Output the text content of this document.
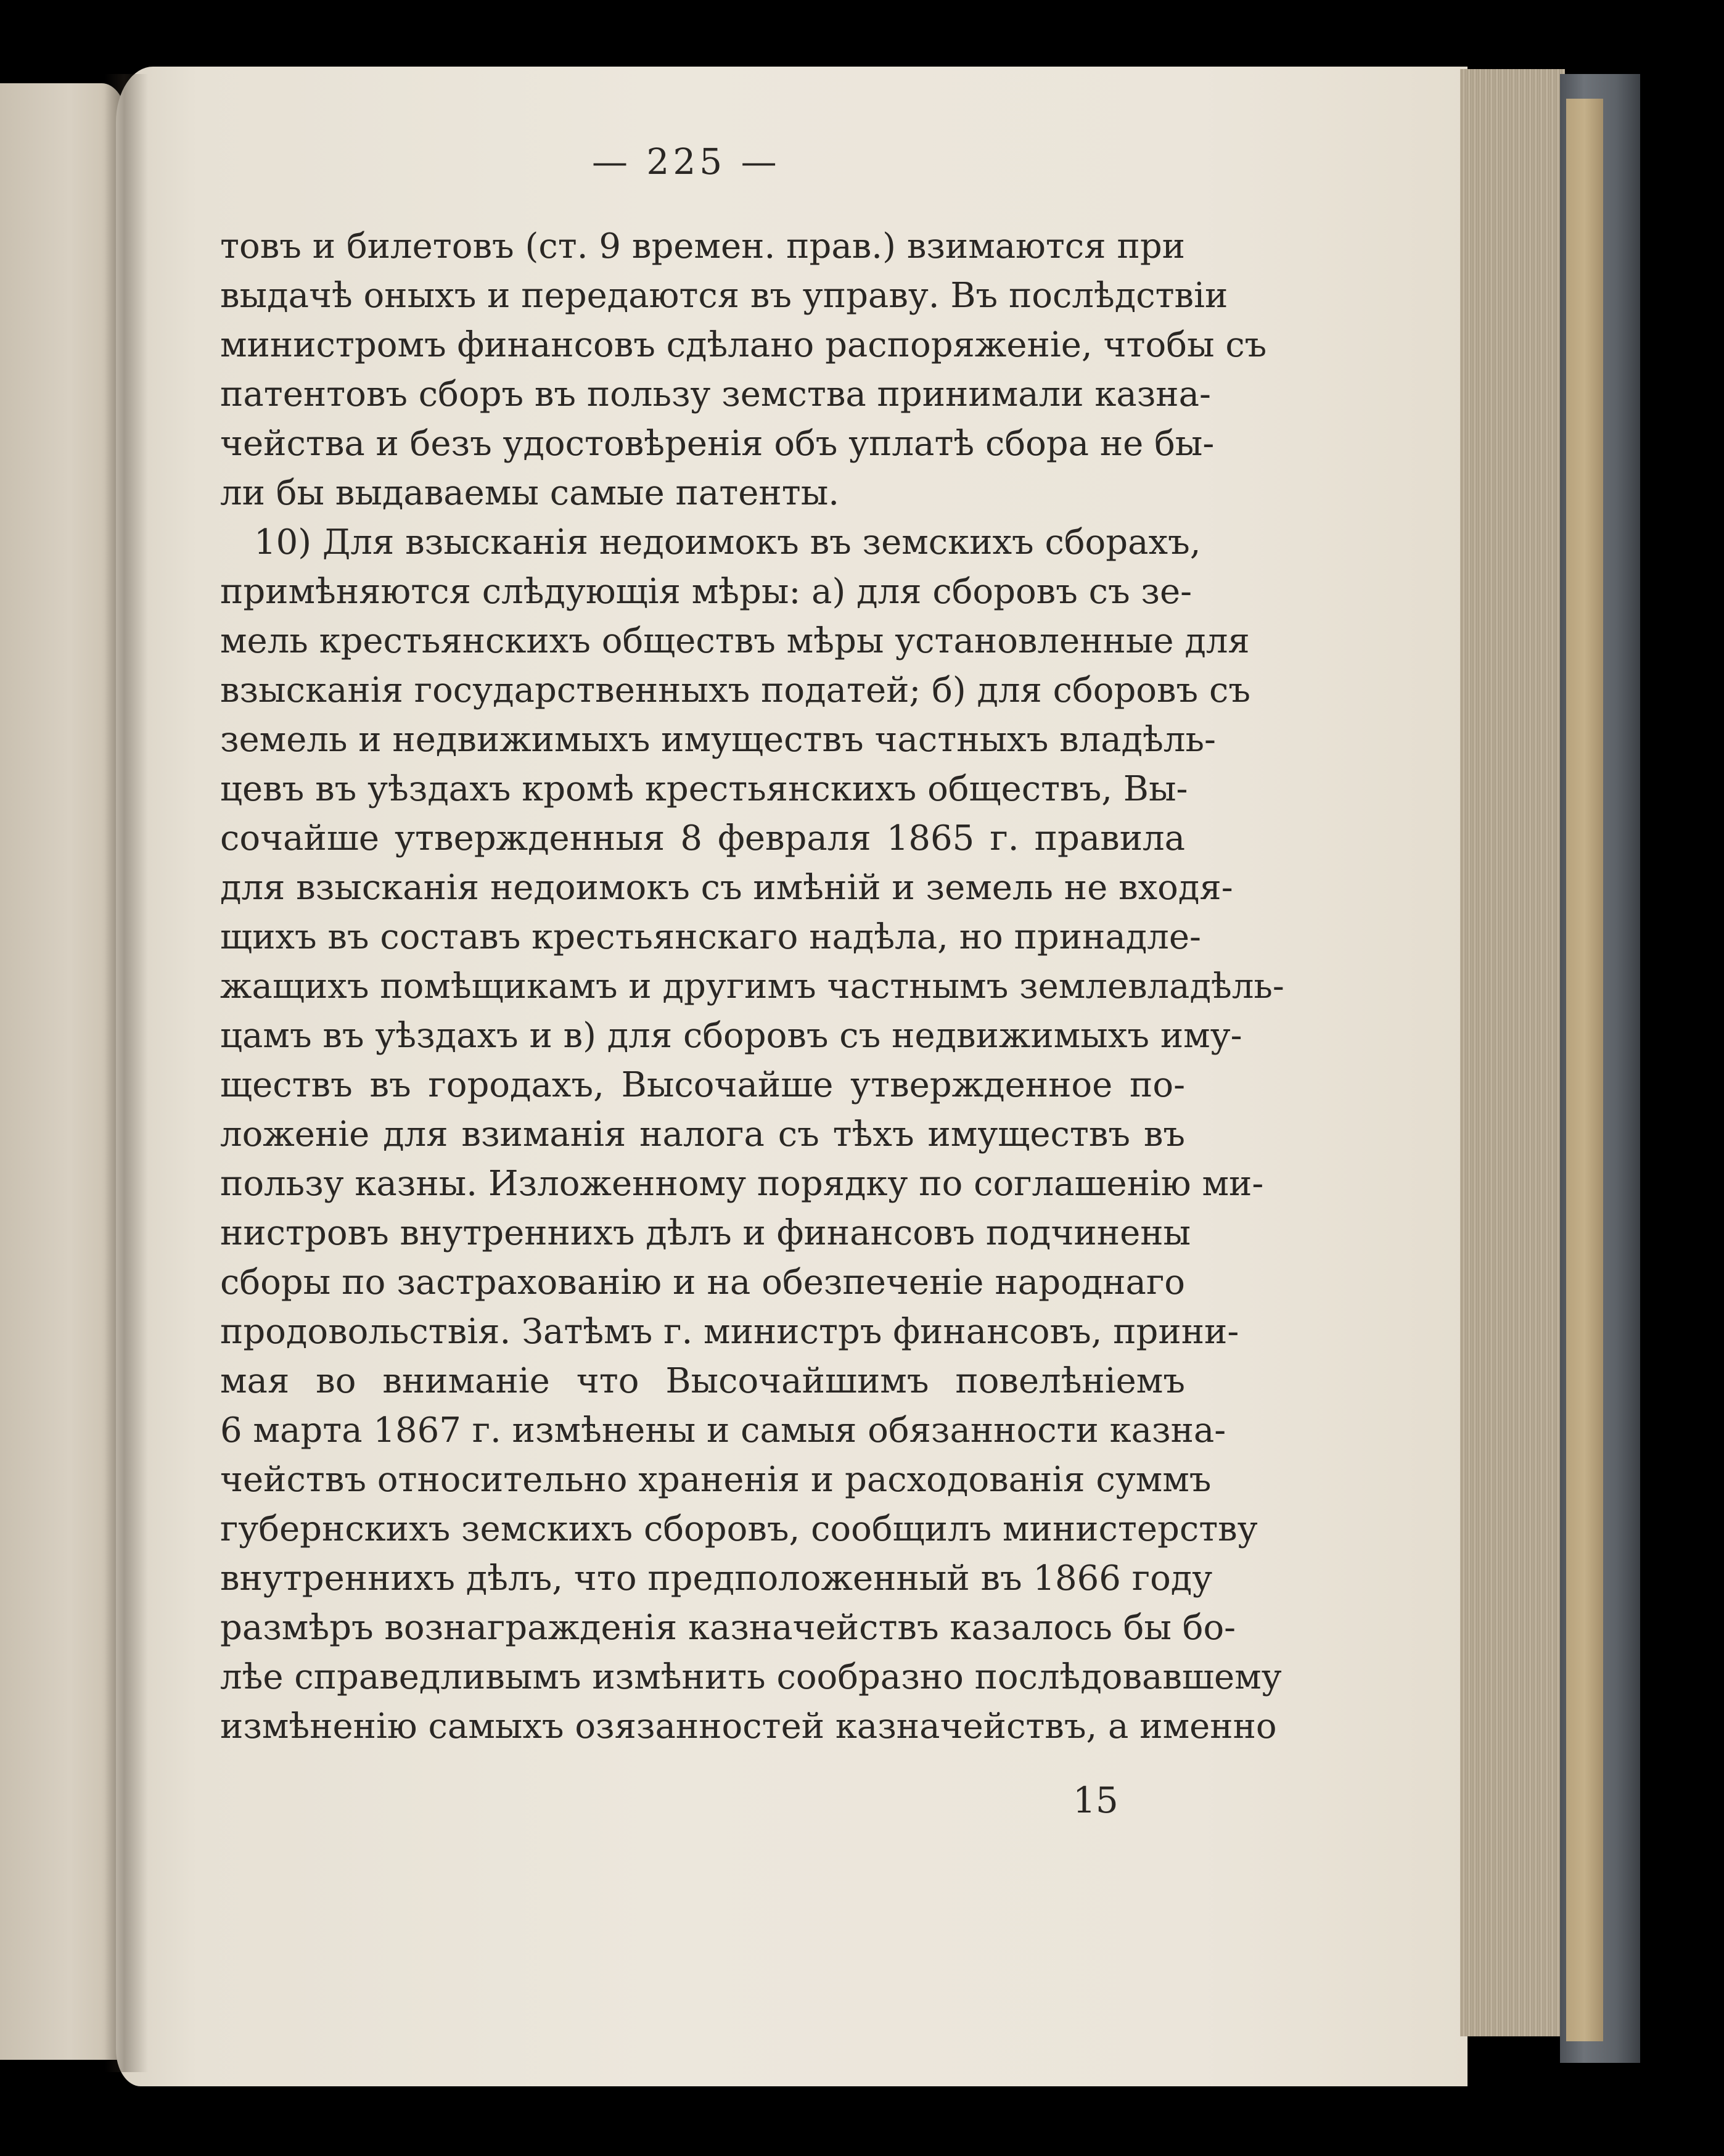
— 225 —
товъ и билетовъ (ст. 9 времен. прав.) взимаются при
выдачѣ оныхъ и передаются въ управу. Въ послѣдствіи
министромъ финансовъ сдѣлано распоряженіе, чтобы съ
патентовъ сборъ въ пользу земства принимали казна-
чейства и безъ удостовѣренія объ уплатѣ сбора не бы-
ли бы выдаваемы самые патенты.
10) Для взысканія недоимокъ въ земскихъ сборахъ,
примѣняются слѣдующія мѣры: а) для сборовъ съ зе-
мель крестьянскихъ обществъ мѣры установленные для
взысканія государственныхъ податей; б) для сборовъ съ
земель и недвижимыхъ имуществъ частныхъ владѣль-
цевъ въ уѣздахъ кромѣ крестьянскихъ обществъ, Вы-
сочайше утвержденныя 8 февраля 1865 г. правила
для взысканія недоимокъ съ имѣній и земель не входя-
щихъ въ составъ крестьянскаго надѣла, но принадле-
жащихъ помѣщикамъ и другимъ частнымъ землевладѣль-
цамъ въ уѣздахъ и в) для сборовъ съ недвижимыхъ иму-
ществъ въ городахъ, Высочайше утвержденное по-
ложеніе для взиманія налога съ тѣхъ имуществъ въ
пользу казны. Изложенному порядку по соглашенію ми-
нистровъ внутреннихъ дѣлъ и финансовъ подчинены
сборы по застрахованію и на обезпеченіе народнаго
продовольствія. Затѣмъ г. министръ финансовъ, прини-
мая во вниманіе что Высочайшимъ повелѣніемъ
6 марта 1867 г. измѣнены и самыя обязанности казна-
чействъ относительно храненія и расходованія суммъ
губернскихъ земскихъ сборовъ, сообщилъ министерству
внутреннихъ дѣлъ, что предположенный въ 1866 году
размѣръ вознагражденія казначействъ казалось бы бо-
лѣе справедливымъ измѣнить сообразно послѣдовавшему
измѣненію самыхъ озязанностей казначействъ, а именно
15
